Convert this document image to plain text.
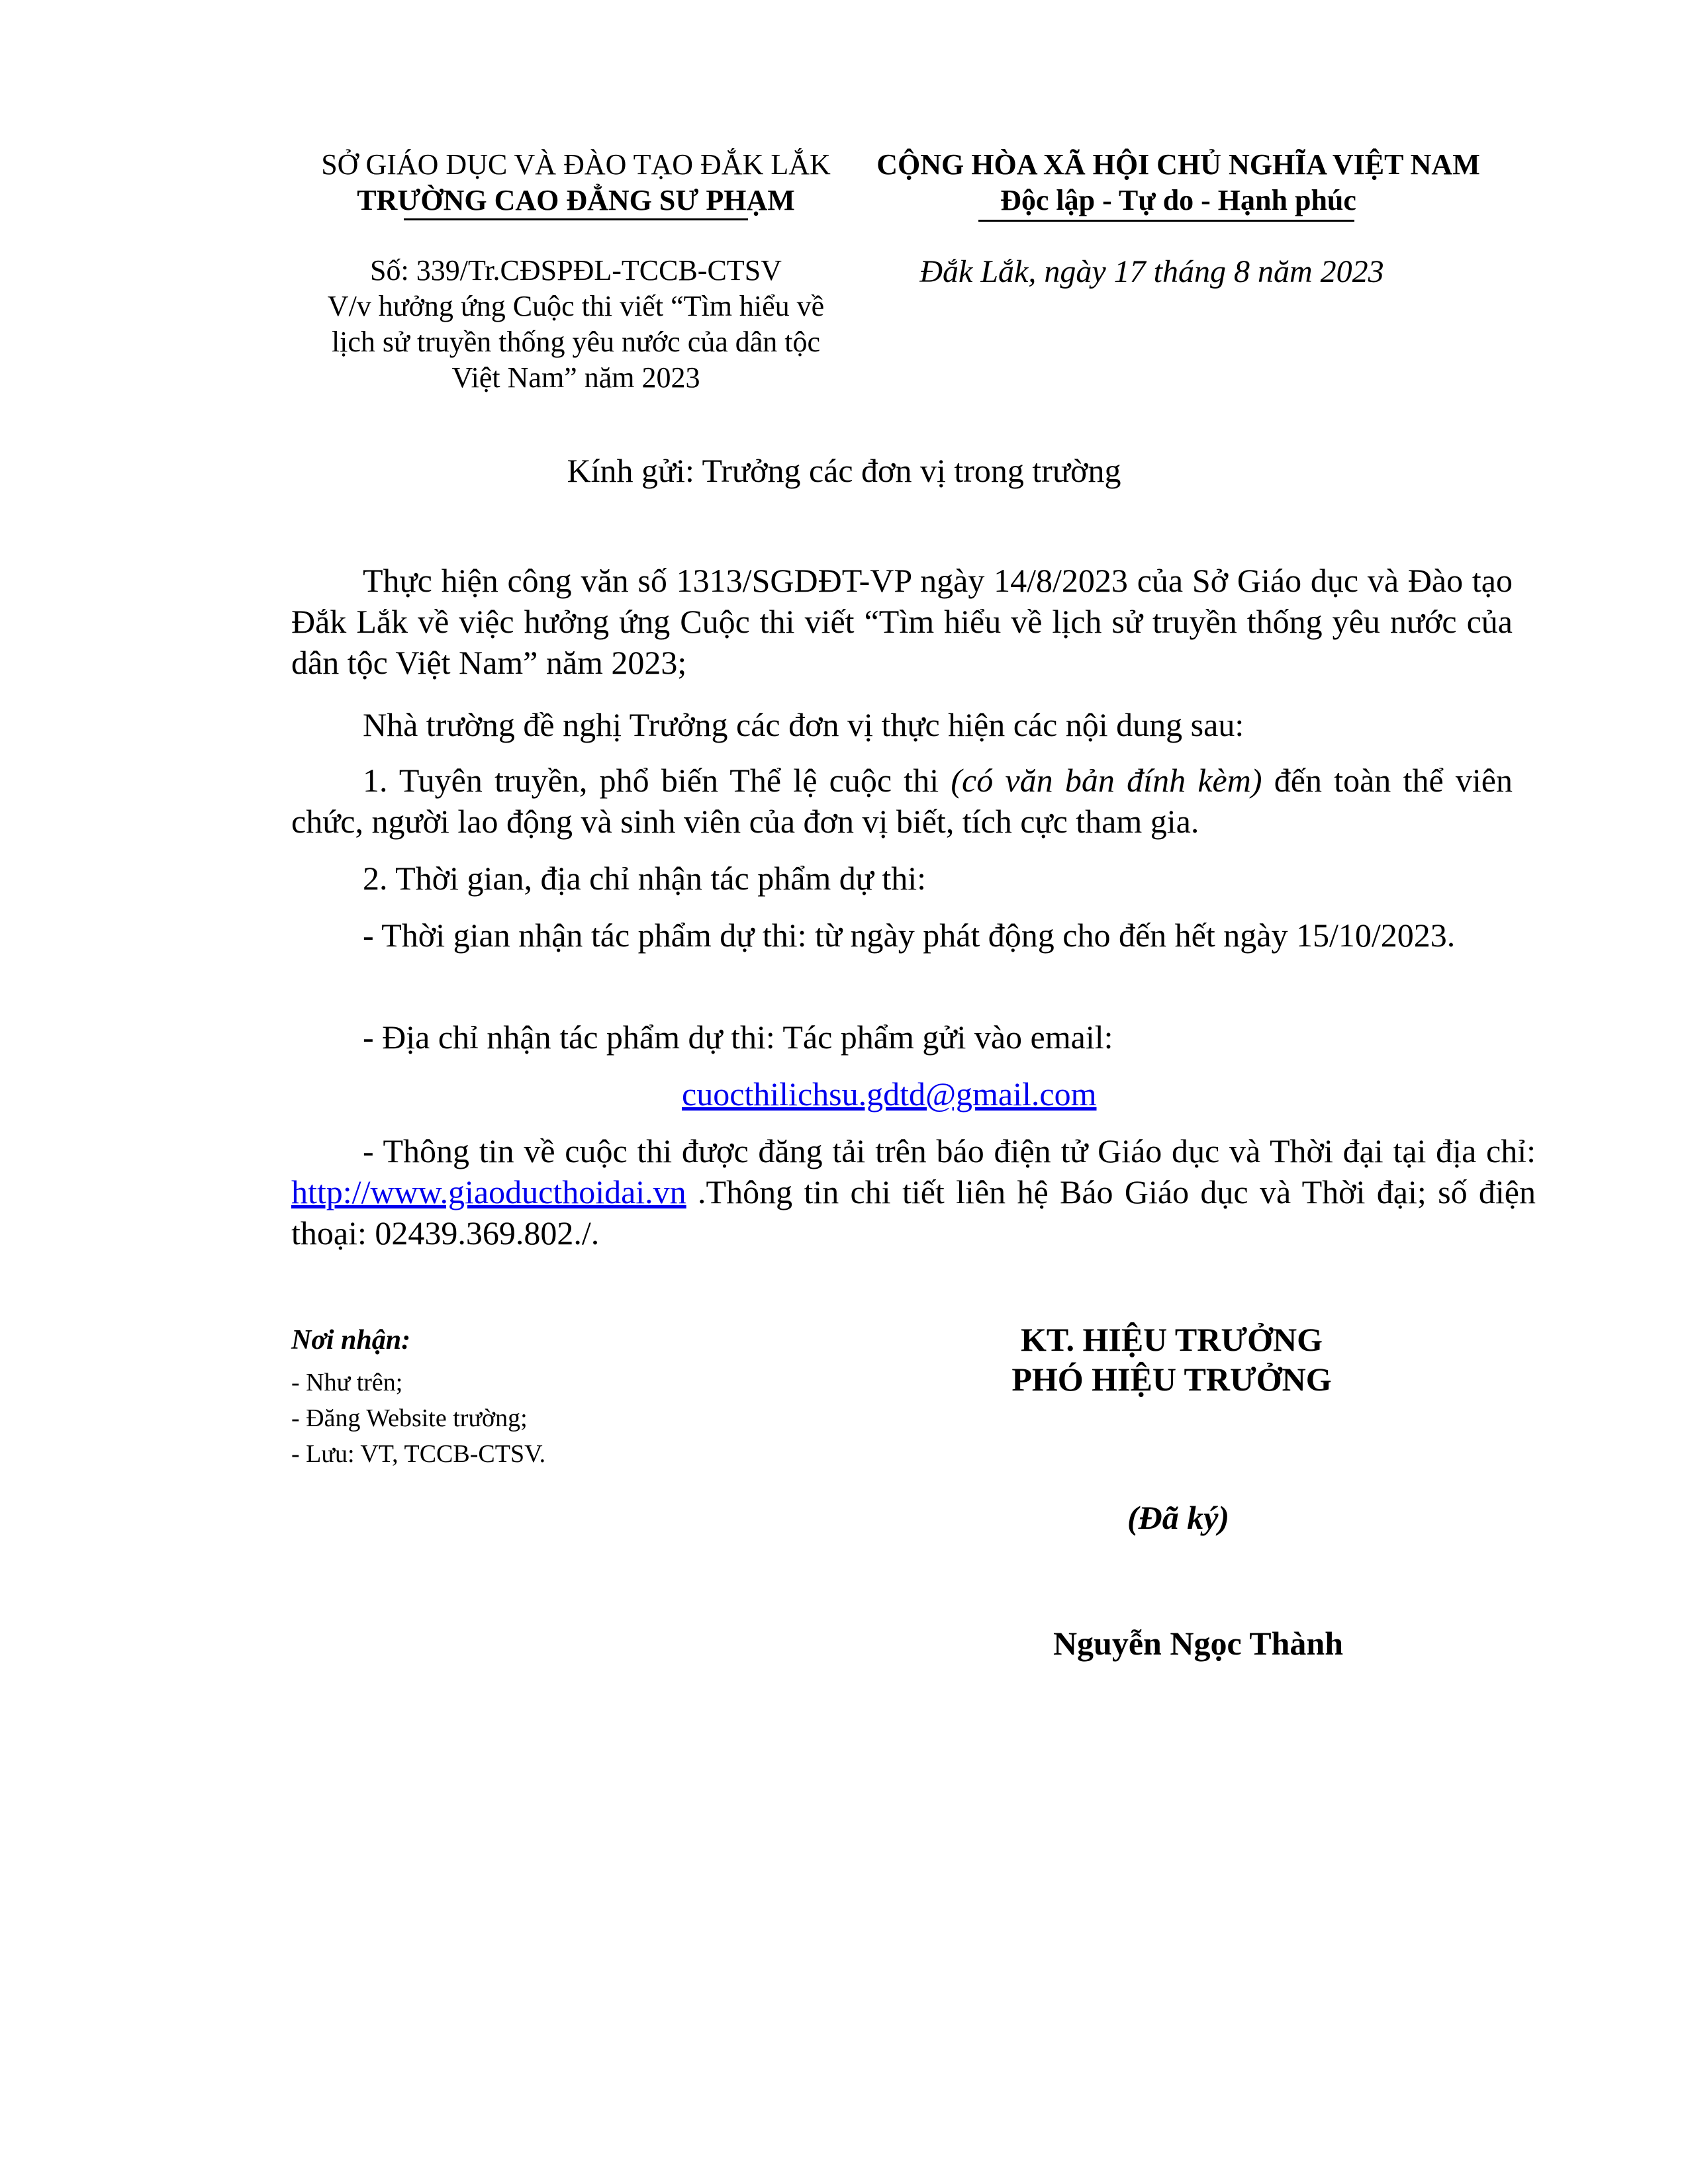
SỞ GIÁO DỤC VÀ ĐÀO TẠO ĐẮK LẮK
TRƯỜNG CAO ĐẲNG SƯ PHẠM
CỘNG HÒA XÃ HỘI CHỦ NGHĨA VIỆT NAM
Độc lập - Tự do - Hạnh phúc
Số: 339/Tr.CĐSPĐL-TCCB-CTSV
V/v hưởng ứng Cuộc thi viết “Tìm hiểu về
lịch sử truyền thống yêu nước của dân tộc
Việt Nam” năm 2023
Đắk Lắk, ngày 17 tháng 8 năm 2023
Kính gửi: Trưởng các đơn vị trong trường

Thực hiện công văn số 1313/SGDĐT-VP ngày 14/8/2023 của Sở Giáo dục và Đào tạo Đắk Lắk về việc hưởng ứng Cuộc thi viết “Tìm hiểu về lịch sử truyền thống yêu nước của dân tộc Việt Nam” năm 2023;

Nhà trường đề nghị Trưởng các đơn vị thực hiện các nội dung sau:

1. Tuyên truyền, phổ biến Thể lệ cuộc thi (có văn bản đính kèm) đến toàn thể viên chức, người lao động và sinh viên của đơn vị biết, tích cực tham gia.

2. Thời gian, địa chỉ nhận tác phẩm dự thi:

- Thời gian nhận tác phẩm dự thi: từ ngày phát động cho đến hết ngày 15/10/2023.

- Địa chỉ nhận tác phẩm dự thi: Tác phẩm gửi vào email:

cuocthilichsu.gdtd@gmail.com

- Thông tin về cuộc thi được đăng tải trên báo điện tử Giáo dục và Thời đại tại địa chỉ: http://www.giaoducthoidai.vn .Thông tin chi tiết liên hệ Báo Giáo dục và Thời đại; số điện thoại: 02439.369.802./.

Nơi nhận:
- Như trên;
- Đăng Website trường;
- Lưu: VT, TCCB-CTSV.
KT. HIỆU TRƯỞNG
PHÓ HIỆU TRƯỞNG
(Đã ký)
Nguyễn Ngọc Thành
